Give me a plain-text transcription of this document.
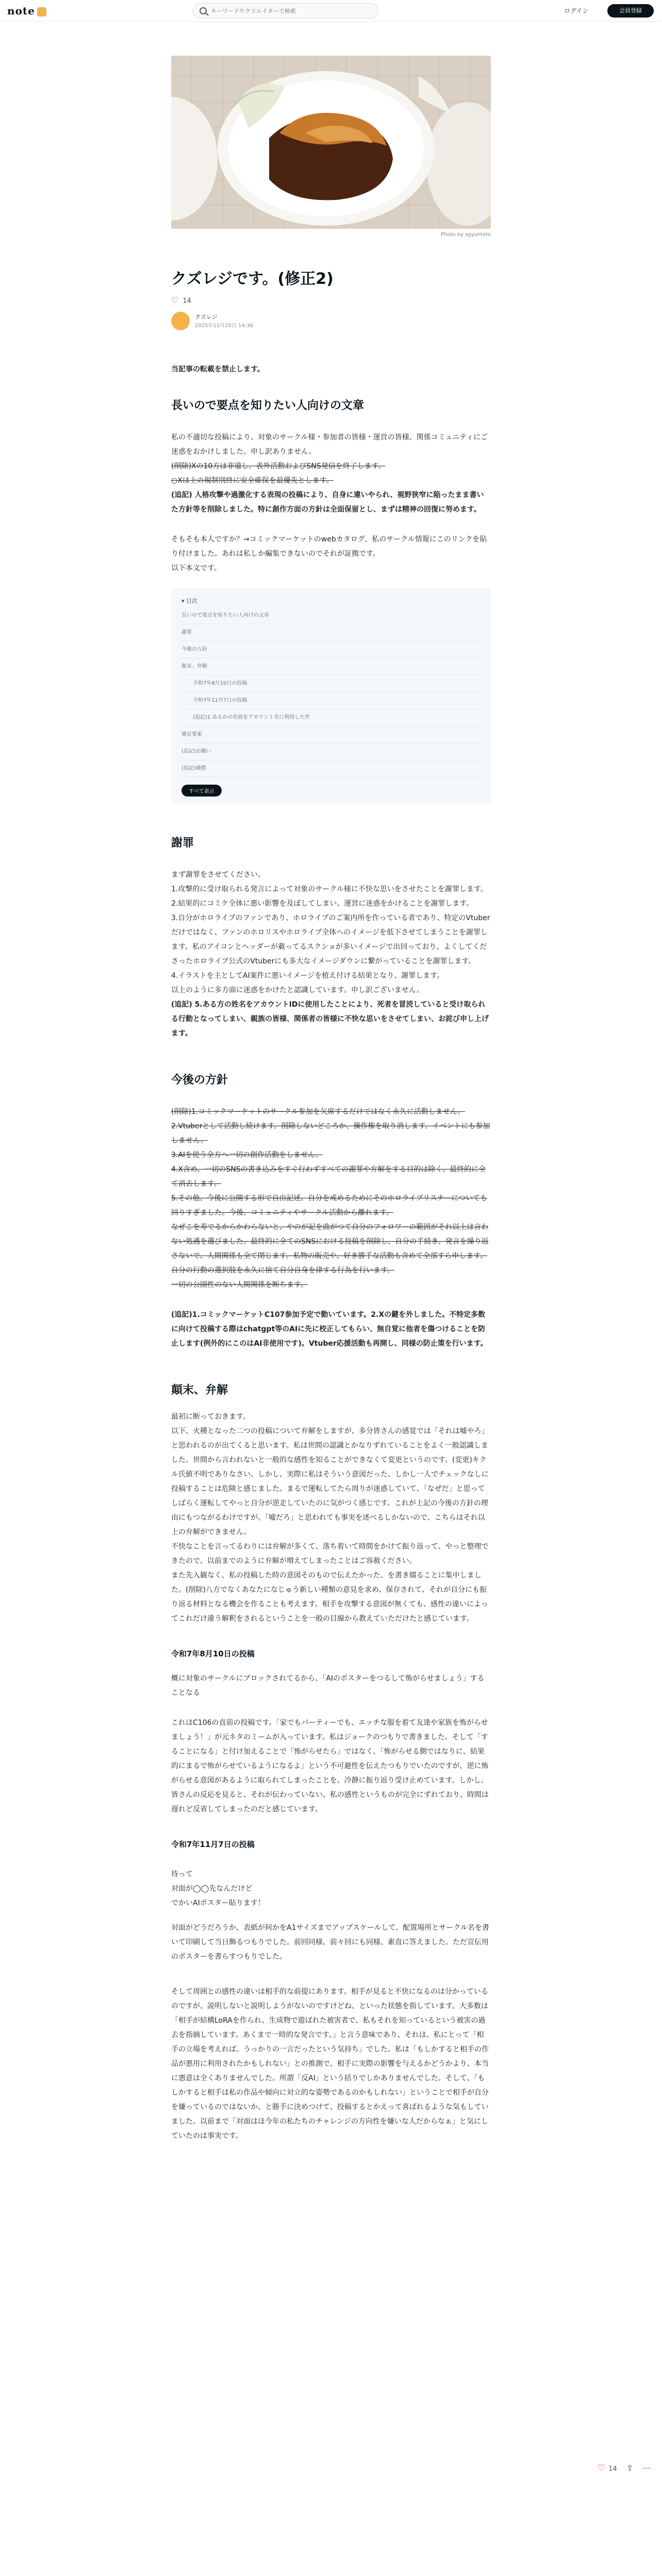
note
キーワードやクリエイターで検索	ログイン	会員登録
Photo by sgyumoto
クズレジです。(修正2)
♡ 14
クズレジ
2025年11月25日 14:36
当記事の転載を禁止します。
長いので要点を知りたい人向けの文章
私の不適切な投稿により、対象のサークル様・参加者の皆様・運営の皆様、関係コミュニティにご迷惑をおかけしました。申し訳ありません。
(削除)Xの10方は非道し、表外活動およびSNS発信を終了します。
○Xは上の規制別終に安全確保を最優先とします。
(追記) 人格攻撃や過激化する表現の投稿により、自身に違いやられ、視野狭窄に陥ったまま書いた方針等を削除しました。特に創作方面の方針は全面保留とし、まずは精神の回復に努めます。
そもそも本人ですか？→コミックマーケットのwebカタログ、私のサークル情報にこのリンクを貼り付けました。あれは私しか編集できないのでそれが証拠です。
以下本文です。
▾ 目次
長いので要点を知りたい人向けの文章
謝罪
今後の方針
顛末、弁解
令和7年8月10日の投稿
令和7年11月7日の投稿
(追記)1.あるかの名前をアカウント名に利用した件
補足要素
(追記)お願い
(追記)補償
すべて表示
謝罪
まず謝罪をさせてください。
1.攻撃的に受け取られる発言によって対象のサークル様に不快な思いをさせたことを謝罪します。
2.結果的にコミケ全体に悪い影響を及ぼしてしまい、運営に迷惑をかけることを謝罪します。
3.自分がホロライブのファンであり、ホロライブのご案内所を作っている者であり、特定のVtuberだけではなく、ファンのホロリスやホロライブ全体へのイメージを低下させてしまうことを謝罪します。私のアイコンとヘッダーが載ってるスクショが多いイメージで出回っており、よくしてくださったホロライブ公式のVtuberにも多大なイメージダウンに繋がっていることを謝罪します。
4.イラストを主としてAI案件に悪いイメージを植え付ける結果となり、謝罪します。
以上のように多方面に迷惑をかけたと認識しています。申し訳ございません。
(追記) 5.ある方の姓名をアカウントIDに使用したことにより、死者を冒涜していると受け取られる行動となってしまい、親族の皆様、関係者の皆様に不快な思いをさせてしまい、お詫び申し上げます。
今後の方針
(削除)1.コミックマーケットのサークル参加を欠席するだけではなく永久に活動しません。
2.Vtuberとして活動し続けます。削除しないどころか、操作権を取り消します。イベントにも参加しません。
3.AIを使う全方へ一切の創作活動をしません。
4.X含め、一切のSNSの書き込みをすぐ行わずすべての謝罪や弁解をする目的は除く。最終的に全て消去します。
5.その他、今後に公開する形で自由記述。自分を戒めるためにそのホロライブリスナーについても回りすぎました。今後、コミュニティやサークル活動から離れます。
なぜこを寿でるからかわらないと、やのが記を曲がつて自分のフォロワーの範囲がそれ以上は言わない処遇を選びました。最終的に全てのSNSにおける投稿を削除し、自分の手続き、発言を繰り返さないで、人間関係も全て閉じます。私物の販売や、好き勝手な活動も含めて全部すら申します。自分の行動の選択肢を永久に捨て自分自身を律する行為を行います。
一切の公園性のない人間関係を断ちます。
(追記)1.コミックマーケットC107参加予定で動いています。2.Xの鍵を外しました。不特定多数に向けて投稿する際はchatgpt等のAIに先に校正してもらい、無自覚に他者を傷つけることを防止します(例外的にこのはAI非使用です)。Vtuber応援活動も再開し、同様の防止策を行います。
顛末、弁解
最初に断っておきます。
以下、火種となった二つの投稿について弁解をしますが、多分皆さんの感覚では「それは嘘やろ」と思われるのが出てくると思います。私は世間の認識とかなりずれていることをよく一般認識しました。世間から言われないと一般的な感性を知ることができなくて変更というのです。(変更)キクル氏値不明でありなさい。しかし、実際に私はそういう意図だった、しかし一人でチェックなしに投稿することは危険と感じました。まるで運転してたら周りが迷惑していて、「なぜだ」と思ってしばらく運転してやっと自分が逆走していたのに気がつく感じです。これが上記の今後の方針の理由にもつながるわけですが。「嘘だろ」と思われても事実を述べるしかないので、こちらはそれ以上の弁解ができません。
不快なことを言ってるわりには弁解が多くて、落ち着いて時間をかけて振り返って、やっと整理できたので、以前までのように弁解が増えてしまったことはご容赦ください。
また先入観なく、私の投稿した時の意図そのもので伝えたかった、を書き綴ることに集中しました。(削除)八方でなくあなたになじゅう新しい種類の意見を求め、保存されて、それが自分にも振り返る材料となる機会を作ることも考えます。相手を攻撃する意図が無くても、感性の違いによってこれだけ違う解釈をされるということを一般の目線から教えていただけたと感じています。
令和7年8月10日の投稿
概に対象のサークルにブロックされてるから、「AIのポスターをつるして怖がらせましょう」することなる
これはC106の直前の投稿です。「家でもパーティーでも、エッチな服を着て友達や家族を怖がらせましょう！」が元ネタのミームが入っています。私はジョークのつもりで書きました。そして「することになる」と付け加えることで「怖がらせたら」ではなく、「怖がらせる側ではなりに、結果的にまるで怖がらせているようになるよ」という不可避性を伝えたつもりでいたのですが、逆に怖がらせる意図があるように取られてしまったことを、冷静に振り返り受け止めています。しかし、皆さんの反応を見ると、それが伝わっていない。私の感性というものが完全にずれており、時間は遅れど反省してしまったのだと感じています。
令和7年11月7日の投稿
待って
対面が◯◯先なんだけど
でかいAIポスター貼ります！
対面がどうだろうか、表紙が何かをA1サイズまでアップスケールして、配置場所とサークル名を書いて印刷して当日飾るつもりでした。前回同様、前々回にも同様、素直に答えました。ただ宣伝用のポスターを書らすつもりでした。
そして周囲との感性の違いは相手的な前提にあります。相手が見ると不快になるのは分かっているのですが、説明しないと説明しようがないのですけどね、といった状態を指しています。大多数は「相手が結構LoRAを作られ、生成物で遊ばれた被害者で、私もそれを知っているという被害の過去を指摘しています。あくまで一時的な発言です。」と言う意味であり、それは、私にとって「相手の立場を考えれば、うっかりの一言だったという気持ち」でした。私は「もしかすると相手の作品が悪用に利用されたかもしれない」との推測で、相手に実際の影響を与えるかどうかより、本当に悪意は全くありませんでした。所謂「反AI」という括りでしかありませんでした。そして、「もしかすると相手は私の作品や傾向に対立的な姿勢であるのかもしれない」ということで相手が自分を嫌っているのではないか、と勝手に決めつけて、投稿するとかえって喜ばれるような気もしていました。以前まで「対面はほ今年の私たちのチャレンジの方向性を嫌いな人だからなぁ」と気にしていたのは事実です。
♡ 14 ⇪ ⋯
